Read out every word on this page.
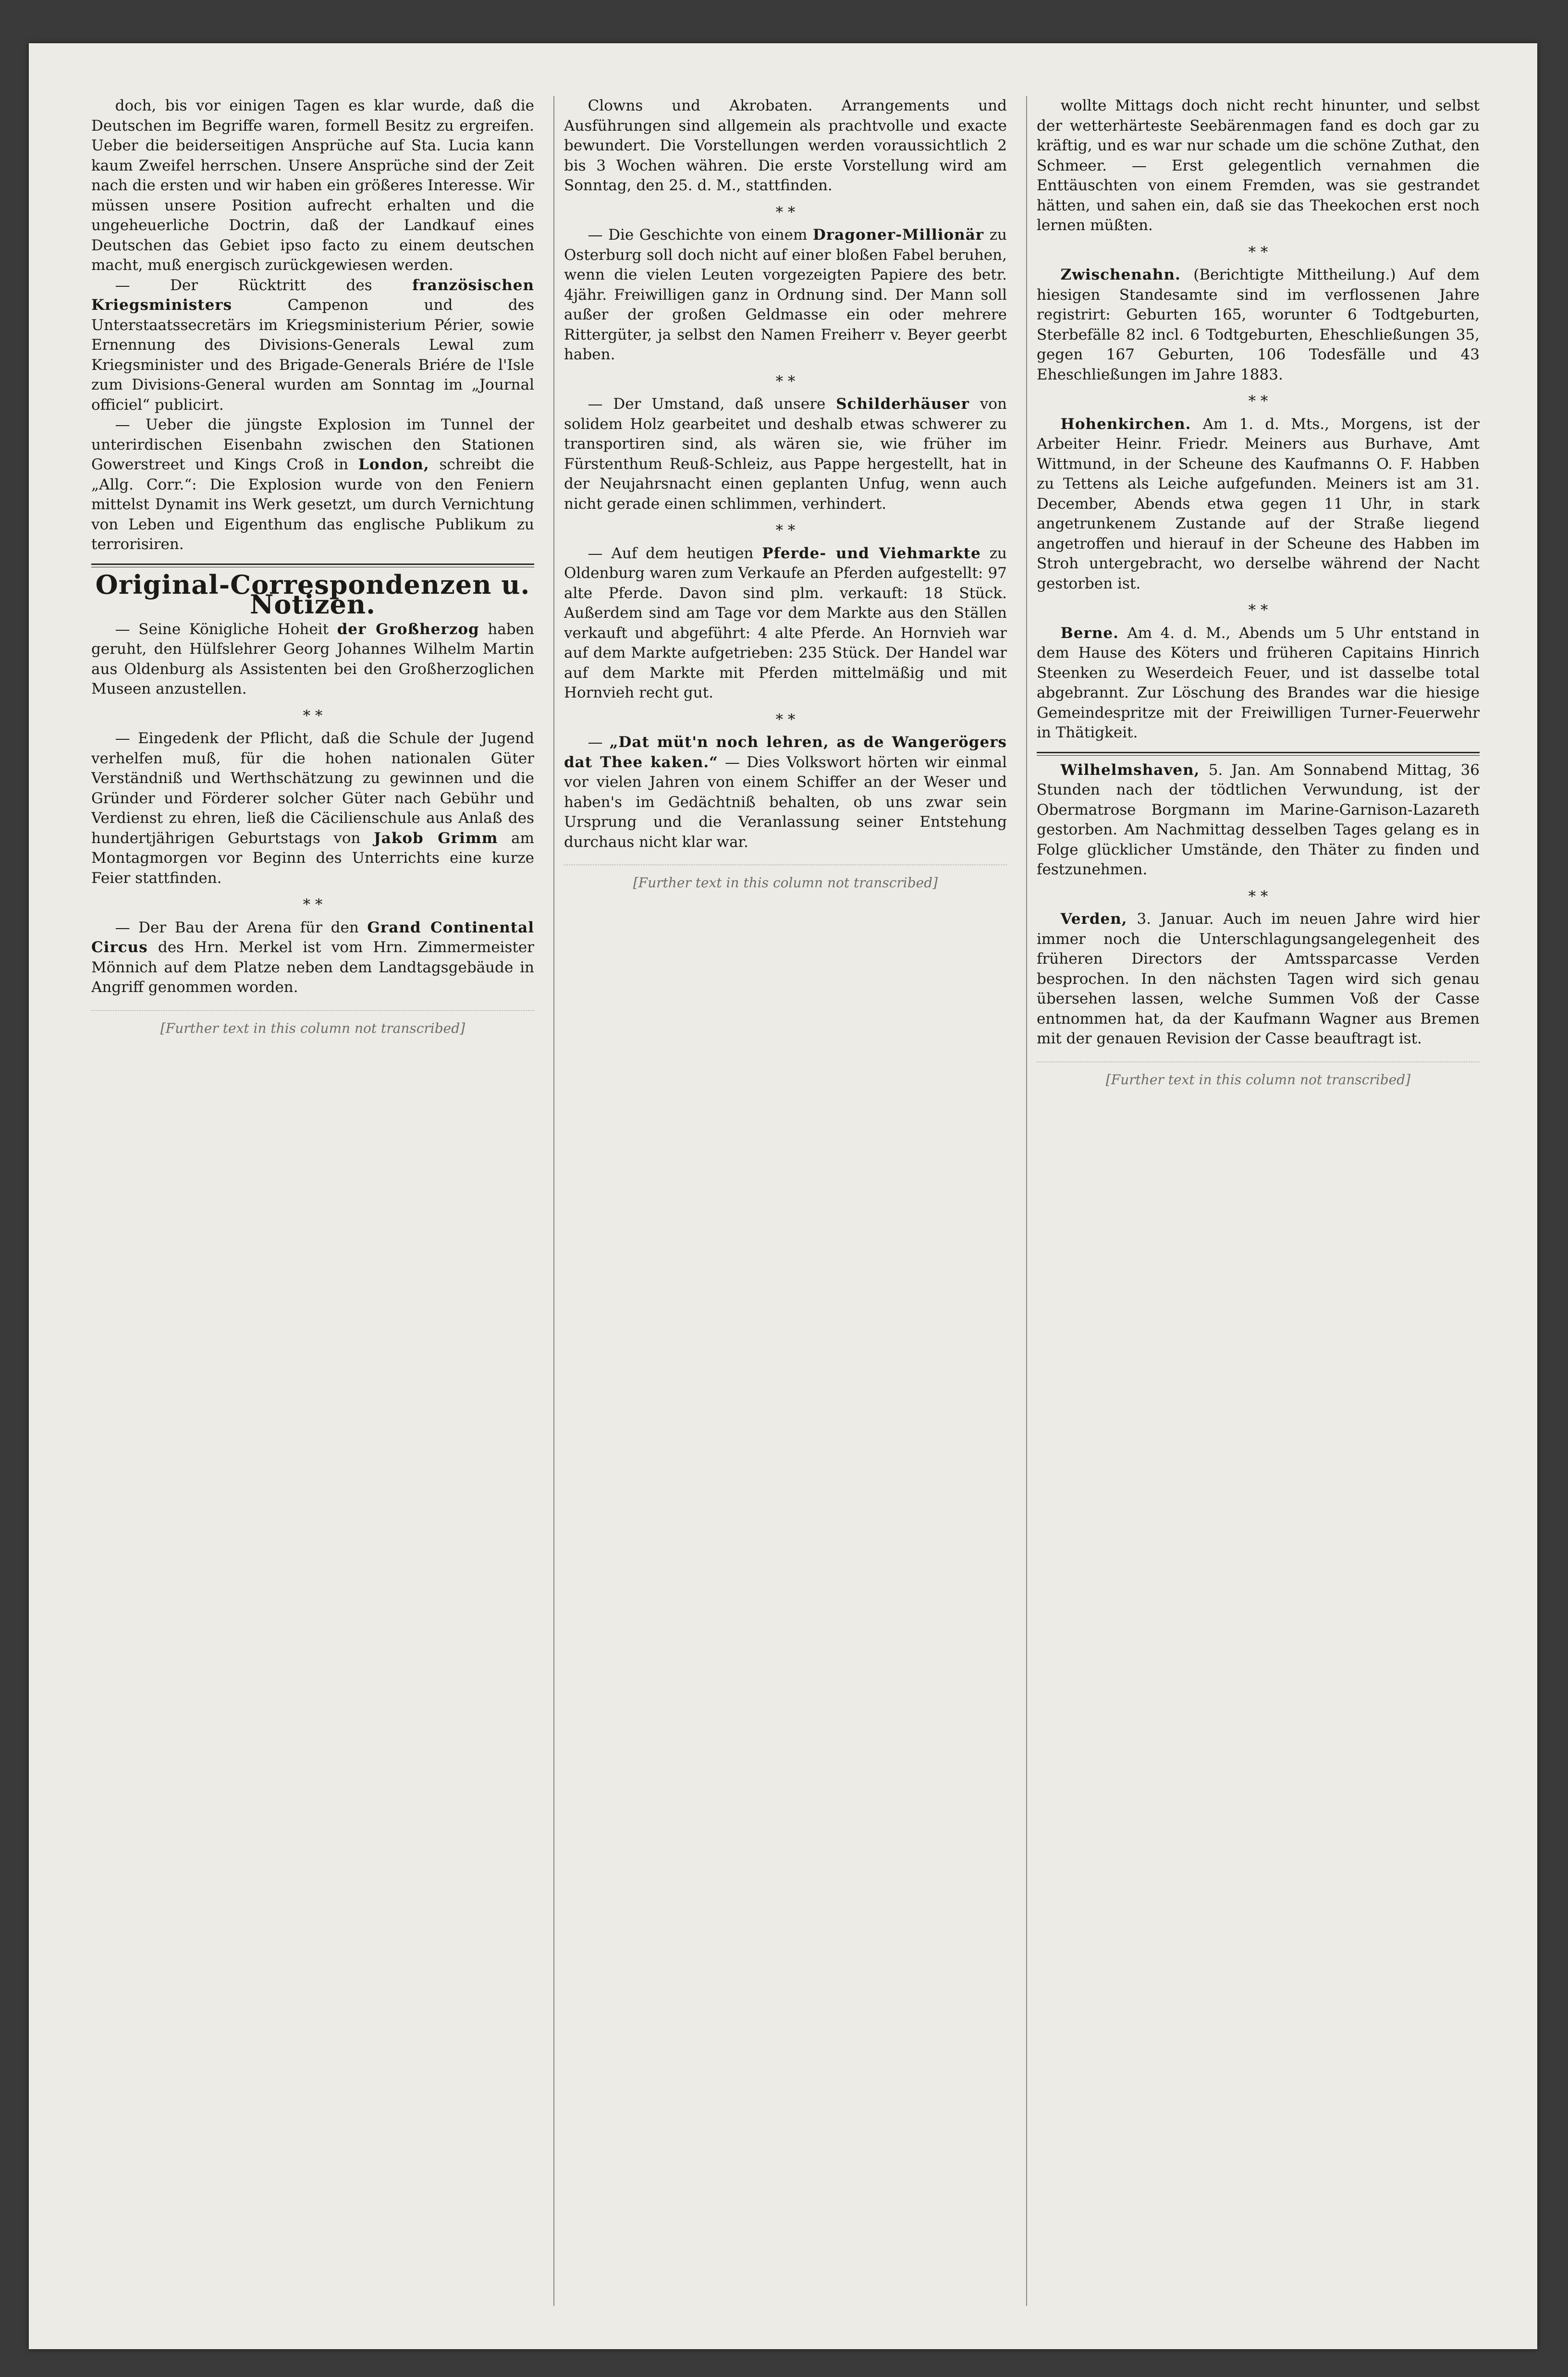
doch, bis vor einigen Tagen es klar wurde, daß die Deutschen im Begriffe waren, formell Besitz zu ergreifen. Ueber die beiderseitigen Ansprüche auf Sta. Lucia kann kaum Zweifel herrschen. Unsere Ansprüche sind der Zeit nach die ersten und wir haben ein größeres Interesse. Wir müssen unsere Position aufrecht erhalten und die ungeheuerliche Doctrin, daß der Landkauf eines Deutschen das Gebiet ipso facto zu einem deutschen macht, muß energisch zurückgewiesen werden.

— Der Rücktritt des französischen Kriegsministers Campenon und des Unterstaatssecretärs im Kriegsministerium Périer, sowie Ernennung des Divisions-Generals Lewal zum Kriegsminister und des Brigade-Generals Briére de l'Isle zum Divisions-General wurden am Sonntag im „Journal officiel“ publicirt.

— Ueber die jüngste Explosion im Tunnel der unterirdischen Eisenbahn zwischen den Stationen Gowerstreet und Kings Croß in London, schreibt die „Allg. Corr.“: Die Explosion wurde von den Feniern mittelst Dynamit ins Werk gesetzt, um durch Vernichtung von Leben und Eigenthum das englische Publikum zu terrorisiren.

Original-Correspondenzen u. Notizen.

— Seine Königliche Hoheit der Großherzog haben geruht, den Hülfslehrer Georg Johannes Wilhelm Martin aus Oldenburg als Assistenten bei den Großherzoglichen Museen anzustellen.

* *

— Eingedenk der Pflicht, daß die Schule der Jugend verhelfen muß, für die hohen nationalen Güter Verständniß und Werthschätzung zu gewinnen und die Gründer und Förderer solcher Güter nach Gebühr und Verdienst zu ehren, ließ die Cäcilienschule aus Anlaß des hundertjährigen Geburtstags von Jakob Grimm am Montagmorgen vor Beginn des Unterrichts eine kurze Feier stattfinden.

* *

— Der Bau der Arena für den Grand Continental Circus des Hrn. Merkel ist vom Hrn. Zimmermeister Mönnich auf dem Platze neben dem Landtagsgebäude in Angriff genommen worden.

[Further text in this column not transcribed]

Clowns und Akrobaten. Arrangements und Ausführungen sind allgemein als prachtvolle und exacte bewundert. Die Vorstellungen werden voraussichtlich 2 bis 3 Wochen währen. Die erste Vorstellung wird am Sonntag, den 25. d. M., stattfinden.

* *

— Die Geschichte von einem Dragoner-Millionär zu Osterburg soll doch nicht auf einer bloßen Fabel beruhen, wenn die vielen Leuten vorgezeigten Papiere des betr. 4jähr. Freiwilligen ganz in Ordnung sind. Der Mann soll außer der großen Geldmasse ein oder mehrere Rittergüter, ja selbst den Namen Freiherr v. Beyer geerbt haben.

* *

— Der Umstand, daß unsere Schilderhäuser von solidem Holz gearbeitet und deshalb etwas schwerer zu transportiren sind, als wären sie, wie früher im Fürstenthum Reuß-Schleiz, aus Pappe hergestellt, hat in der Neujahrsnacht einen geplanten Unfug, wenn auch nicht gerade einen schlimmen, verhindert.

* *

— Auf dem heutigen Pferde- und Viehmarkte zu Oldenburg waren zum Verkaufe an Pferden aufgestellt: 97 alte Pferde. Davon sind plm. verkauft: 18 Stück. Außerdem sind am Tage vor dem Markte aus den Ställen verkauft und abgeführt: 4 alte Pferde. An Hornvieh war auf dem Markte aufgetrieben: 235 Stück. Der Handel war auf dem Markte mit Pferden mittelmäßig und mit Hornvieh recht gut.

* *

— „Dat müt'n noch lehren, as de Wangerögers dat Thee kaken.“ — Dies Volkswort hörten wir einmal vor vielen Jahren von einem Schiffer an der Weser und haben's im Gedächtniß behalten, ob uns zwar sein Ursprung und die Veranlassung seiner Entstehung durchaus nicht klar war.

[Further text in this column not transcribed]

wollte Mittags doch nicht recht hinunter, und selbst der wetterhärteste Seebärenmagen fand es doch gar zu kräftig, und es war nur schade um die schöne Zuthat, den Schmeer. — Erst gelegentlich vernahmen die Enttäuschten von einem Fremden, was sie gestrandet hätten, und sahen ein, daß sie das Theekochen erst noch lernen müßten.

* *

Zwischenahn. (Berichtigte Mittheilung.) Auf dem hiesigen Standesamte sind im verflossenen Jahre registrirt: Geburten 165, worunter 6 Todtgeburten, Sterbefälle 82 incl. 6 Todtgeburten, Eheschließungen 35, gegen 167 Geburten, 106 Todesfälle und 43 Eheschließungen im Jahre 1883.

* *

Hohenkirchen. Am 1. d. Mts., Morgens, ist der Arbeiter Heinr. Friedr. Meiners aus Burhave, Amt Wittmund, in der Scheune des Kaufmanns O. F. Habben zu Tettens als Leiche aufgefunden. Meiners ist am 31. December, Abends etwa gegen 11 Uhr, in stark angetrunkenem Zustande auf der Straße liegend angetroffen und hierauf in der Scheune des Habben im Stroh untergebracht, wo derselbe während der Nacht gestorben ist.

* *

Berne. Am 4. d. M., Abends um 5 Uhr entstand in dem Hause des Köters und früheren Capitains Hinrich Steenken zu Weserdeich Feuer, und ist dasselbe total abgebrannt. Zur Löschung des Brandes war die hiesige Gemeindespritze mit der Freiwilligen Turner-Feuerwehr in Thätigkeit.

Wilhelmshaven, 5. Jan. Am Sonnabend Mittag, 36 Stunden nach der tödtlichen Verwundung, ist der Obermatrose Borgmann im Marine-Garnison-Lazareth gestorben. Am Nachmittag desselben Tages gelang es in Folge glücklicher Umstände, den Thäter zu finden und festzunehmen.

* *

Verden, 3. Januar. Auch im neuen Jahre wird hier immer noch die Unterschlagungsangelegenheit des früheren Directors der Amtssparcasse Verden besprochen. In den nächsten Tagen wird sich genau übersehen lassen, welche Summen Voß der Casse entnommen hat, da der Kaufmann Wagner aus Bremen mit der genauen Revision der Casse beauftragt ist.

[Further text in this column not transcribed]
